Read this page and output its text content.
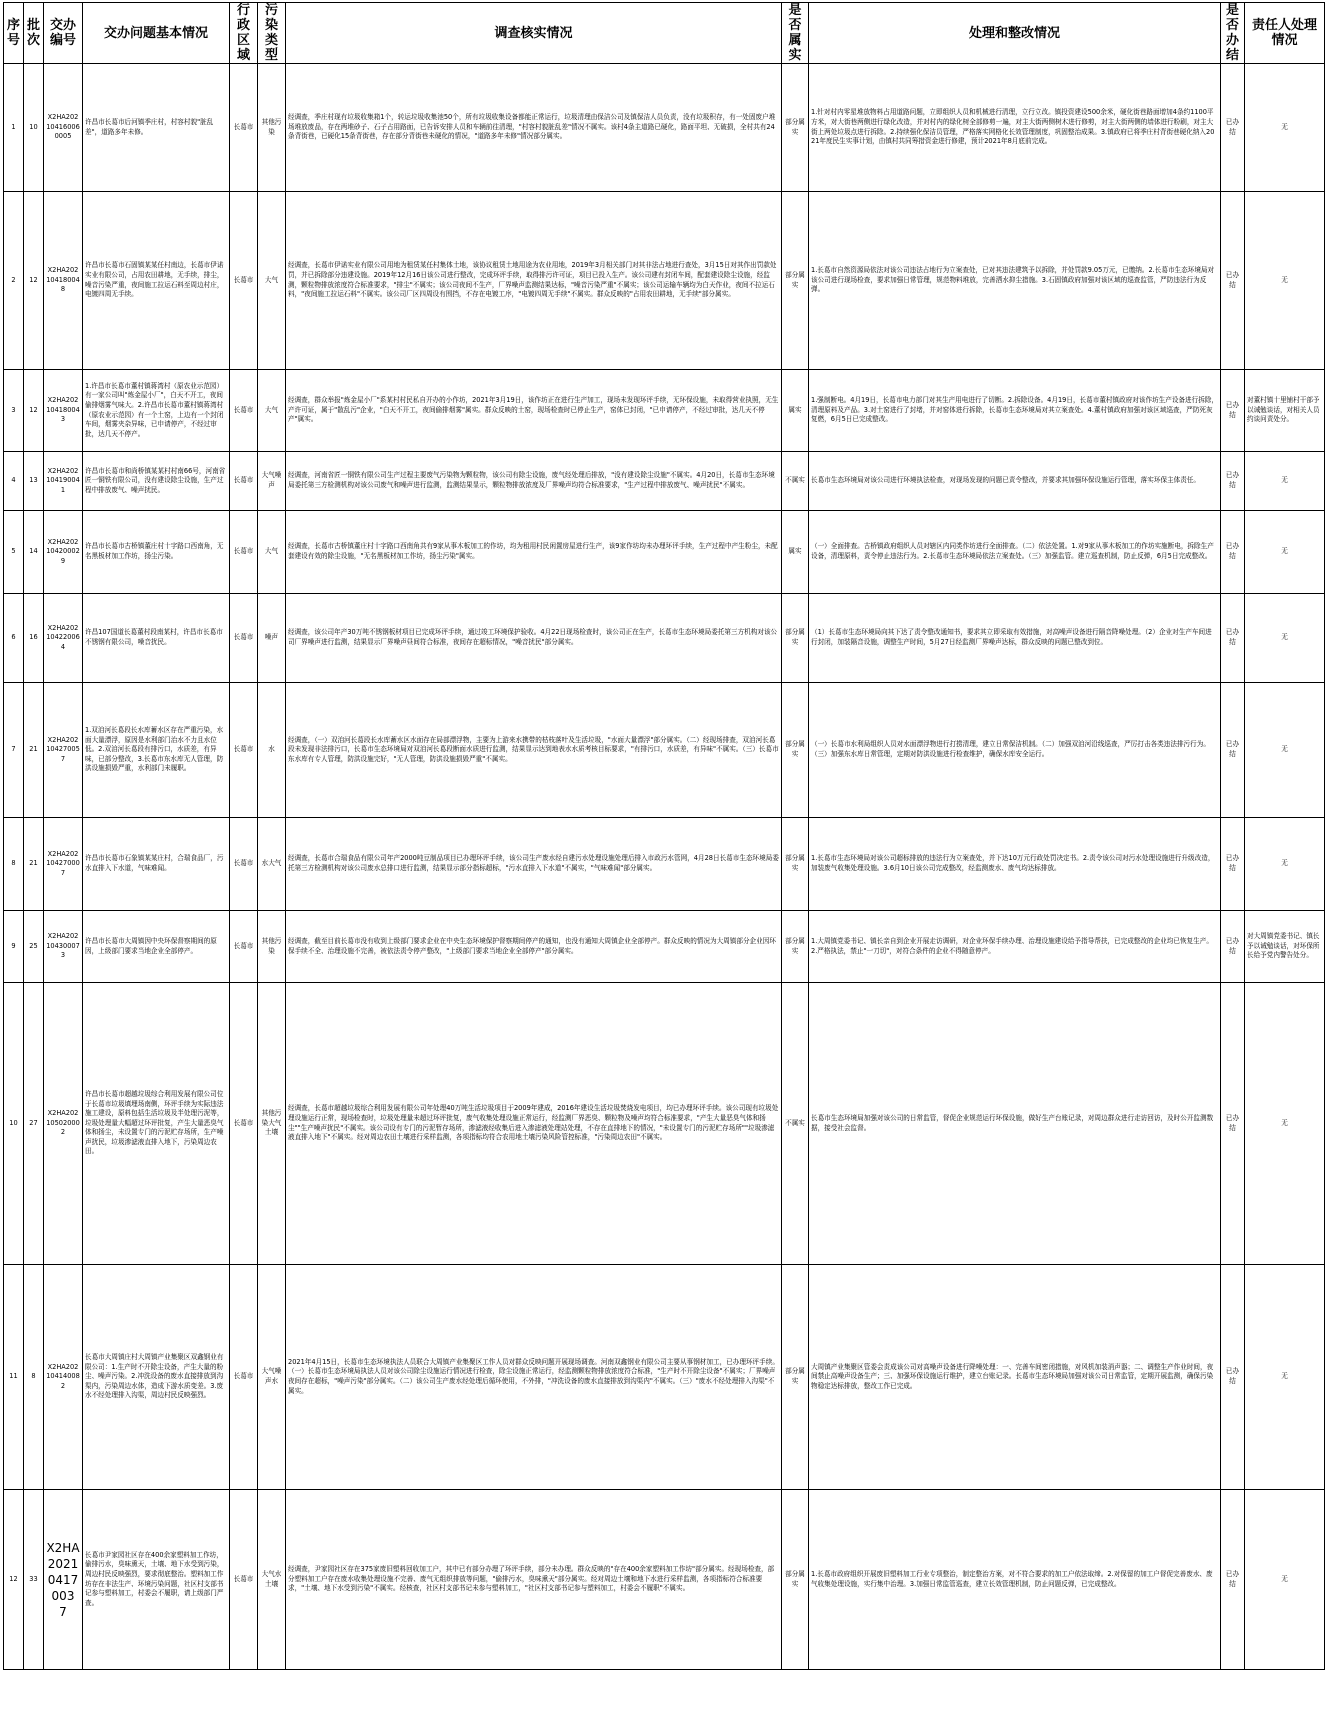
序号	批次	交办编号	交办问题基本情况	行政区域	污染类型	调查核实情况	是否属实	处理和整改情况	是否办结	责任人处理情况
1	10	X2HA20210416006 0005	许昌市长葛市后河镇季庄村，村容村貌"脏乱差"，道路多年未修。	长葛市	其他污染	经调查，季庄村现有垃圾收集箱1个，转运垃圾收集池50个，所有垃圾收集设备都能正常运行，垃圾清理由保洁公司及镇保洁人员负责，没有垃圾积存，有一处固废户堆场堆放废品，存在两堆砂子、石子占用路面，已告诉安排人员和车辆前往清理，"村容村貌脏乱差"情况不属实。该村4条主道路已硬化，路面平坦、无破损，全村共有24条背街巷，已硬化15条背街巷，存在部分背街巷未硬化的情况，"道路多年未修"情况部分属实。	部分属实	1.针对村内零星堆放物料占用道路问题，立即组织人员和机械进行清理，立行立改。镇投资建设500余米，硬化街巷路面增加4条约1100平方米，对大街巷两侧进行绿化改造，并对村内的绿化树全部修剪一遍，对主大街两侧树木进行修剪，对主大街两侧的墙体进行粉刷，对主大街上两处垃圾点进行拆除。2.持续强化保洁员管理，严格落实网格化长效管理制度，巩固整治成果。3.镇政府已将季庄村背街巷硬化纳入2021年度民生实事计划，由镇村共同筹措资金进行修建，预计2021年8月底前完成。	已办结	无
2	12	X2HA20210418004 8	许昌市长葛市石固镇某某任村南边，长葛市伊诺实业有限公司，占用农田耕地，无手续，排尘，噪音污染严重，夜间施工拉运石料至周边村庄，电镀四周无手续。	长葛市	大气	经调查，长葛市伊诺实业有限公司用地为租赁某任村集体土地，该协议租赁土地用途为农业用地，2019年3月相关部门对其非法占地进行查处，3月15日对其作出罚款处罚，并已拆除部分违建设施。2019年12月16日该公司进行整改，完成环评手续，取得排污许可证，项目已投入生产。该公司建有封闭车间，配套建设除尘设施，经监测，颗粒物排放浓度符合标准要求，"排尘"不属实；该公司夜间不生产，厂界噪声监测结果达标，"噪音污染严重"不属实；该公司运输车辆均为白天作业，夜间不拉运石料，"夜间施工拉运石料"不属实。该公司厂区四周设有围挡，不存在电镀工序，"电镀四周无手续"不属实。群众反映的"占用农田耕地，无手续"部分属实。	部分属实	1.长葛市自然资源局依法对该公司违法占地行为立案查处，已对其违法建筑予以拆除，并处罚款9.05万元，已缴纳。2.长葛市生态环境局对该公司进行现场检查，要求加强日常管理，规范物料堆放，完善洒水抑尘措施。3.石固镇政府加强对该区域的巡查监管，严防违法行为反弹。	已办结	无
3	12	X2HA20210418004 3	1.许昌市长葛市董村镇蒋湾村（原农业示范园）有一家公司叫"炼金屋小厂"，白天不开工，夜间偷排烟雾气味大。2.许昌市长葛市董村镇蒋湾村（原农业示范园）有一个土窑，上边有一个封闭车间，烟雾夹杂异味，已申请停产，不经过审批，达几天不停产。	长葛市	大气	经调查，群众举报"炼金屋小厂"系某村村民私自开办的小作坊，2021年3月19日，该作坊正在进行生产加工，现场未发现环评手续，无环保设施，未取得营业执照，无生产许可证，属于"散乱污"企业，"白天不开工，夜间偷排烟雾"属实。群众反映的土窑，现场检查时已停止生产，窑体已封闭，"已申请停产，不经过审批，达几天不停产"属实。	属实	1.强制断电。4月19日，长葛市电力部门对其生产用电进行了切断。2.拆除设备。4月19日，长葛市董村镇政府对该作坊生产设备进行拆除，清理原料及产品。3.对土窑进行了封堵，并对窑体进行拆除，长葛市生态环境局对其立案查处。4.董村镇政府加强对该区域巡查，严防死灰复燃，6月5日已完成整改。	已办结	对董村镇十里铺村干部予以诫勉谈话，对相关人员约谈问责处分。
4	13	X2HA20210419004 1	许昌市长葛市和尚桥镇某某村村南66号，河南省匠一铜铁有限公司，没有建设除尘设施，生产过程中排放废气、噪声扰民。	长葛市	大气噪声	经调查，河南省匠一铜铁有限公司生产过程主要废气污染物为颗粒物，该公司有除尘设施，废气经处理后排放，"没有建设除尘设施"不属实。4月20日，长葛市生态环境局委托第三方检测机构对该公司废气和噪声进行监测，监测结果显示，颗粒物排放浓度及厂界噪声均符合标准要求，"生产过程中排放废气、噪声扰民"不属实。	不属实	长葛市生态环境局对该公司进行环境执法检查，对现场发现的问题已责令整改，并要求其加强环保设施运行管理，落实环保主体责任。	已办结	无
5	14	X2HA20210420002 9	许昌市长葛市古桥镇董庄村十字路口西南角，无名黑板材加工作坊，扬尘污染。	长葛市	大气	经调查，长葛市古桥镇董庄村十字路口西南角共有9家从事木板加工的作坊，均为租用村民闲置房屋进行生产，该9家作坊均未办理环评手续，生产过程中产生粉尘，未配套建设有效的除尘设施，"无名黑板材加工作坊，扬尘污染"属实。	属实	（一）全面排查。古桥镇政府组织人员对辖区内同类作坊进行全面排查。（二）依法处置。1.对9家从事木板加工的作坊实施断电，拆除生产设备，清理原料，责令停止违法行为。2.长葛市生态环境局依法立案查处。（三）加强监管。建立巡查机制，防止反弹，6月5日完成整改。	已办结	无
6	16	X2HA20210422006 4	许昌107国道长葛董村段南某村，许昌市长葛市不锈钢有限公司，噪音扰民。	长葛市	噪声	经调查，该公司年产30万吨不锈钢板材项目已完成环评手续，通过竣工环境保护验收。4月22日现场检查时，该公司正在生产，长葛市生态环境局委托第三方机构对该公司厂界噪声进行监测，结果显示厂界噪声昼间符合标准，夜间存在超标情况，"噪音扰民"部分属实。	部分属实	（1）长葛市生态环境局向其下达了责令整改通知书，要求其立即采取有效措施，对高噪声设备进行隔音降噪处理。（2）企业对生产车间进行封闭，加装隔音设施，调整生产时间，5月27日经监测厂界噪声达标，群众反映的问题已整改到位。	已办结	无
7	21	X2HA20210427005 7	1.双洎河长葛段长水库蓄水区存在严重污染，水面大量漂浮，原因是水利部门治水不力且水位低。2.双洎河长葛段有排污口，水质差，有异味，已部分整改，3.长葛市东水库无人管理，防洪设施损毁严重，水利部门未履职。	长葛市	水	经调查，（一）双洎河长葛段长水库蓄水区水面存在局部漂浮物，主要为上游来水携带的枯枝落叶及生活垃圾，"水面大量漂浮"部分属实。（二）经现场排查，双洎河长葛段未发现非法排污口，长葛市生态环境局对双洎河长葛段断面水质进行监测，结果显示达到地表水水质考核目标要求，"有排污口，水质差，有异味"不属实。（三）长葛市东水库有专人管理，防洪设施完好，"无人管理，防洪设施损毁严重"不属实。	部分属实	（一）长葛市水利局组织人员对水面漂浮物进行打捞清理，建立日常保洁机制。（二）加强双洎河沿线巡查，严厉打击各类违法排污行为。（三）加强东水库日常管理，定期对防洪设施进行检查维护，确保水库安全运行。	已办结	无
8	21	X2HA20210427000 7	许昌市长葛市石象镇某某庄村，合瑞食品厂，污水直排入下水道，气味难闻。	长葛市	水大气	经调查，长葛市合瑞食品有限公司年产2000吨豆制品项目已办理环评手续，该公司生产废水经自建污水处理设施处理后排入市政污水管网，4月28日长葛市生态环境局委托第三方检测机构对该公司废水总排口进行监测，结果显示部分指标超标，"污水直排入下水道"不属实，"气味难闻"部分属实。	部分属实	1.长葛市生态环境局对该公司超标排放的违法行为立案查处，并下达10万元行政处罚决定书。2.责令该公司对污水处理设施进行升级改造，加装废气收集处理设施。3.6月10日该公司完成整改，经监测废水、废气均达标排放。	已办结	无
9	25	X2HA20210430007 3	许昌市长葛市大周镇因中央环保督察期间的原因，上级部门要求当地企业全部停产。	长葛市	其他污染	经调查，截至目前长葛市没有收到上级部门要求企业在中央生态环境保护督察期间停产的通知，也没有通知大周镇企业全部停产。群众反映的情况为大周镇部分企业因环保手续不全、治理设施不完善，被依法责令停产整改，"上级部门要求当地企业全部停产"部分属实。	部分属实	1.大周镇党委书记、镇长亲自到企业开展走访调研，对企业环保手续办理、治理设施建设给予指导帮扶，已完成整改的企业均已恢复生产。2.严格执法，禁止"一刀切"，对符合条件的企业不得随意停产。	已办结	对大周镇党委书记、镇长予以诫勉谈话，对环保所长给予党内警告处分。
10	27	X2HA20210502000 2	许昌市长葛市超越垃圾综合利用发展有限公司位于长葛市垃圾填埋场南侧，环评手续为实际违法施工建设，原料包括生活垃圾及半处理污泥等，垃圾处理量大幅超过环评批复，产生大量恶臭气体和扬尘，未设置专门的污泥贮存场所，生产噪声扰民，垃圾渗滤液直排入地下，污染周边农田。	长葛市	其他污染大气土壤	经调查，长葛市超越垃圾综合利用发展有限公司年处理40万吨生活垃圾项目于2009年建成，2016年建设生活垃圾焚烧发电项目，均已办理环评手续。该公司现有垃圾处理设施运行正常，现场检查时，垃圾处理量未超过环评批复，废气收集处理设施正常运行，经监测厂界恶臭、颗粒物及噪声均符合标准要求，"产生大量恶臭气体和扬尘""生产噪声扰民"不属实。该公司设有专门的污泥暂存场所，渗滤液经收集后进入渗滤液处理站处理，不存在直排地下的情况，"未设置专门的污泥贮存场所""垃圾渗滤液直排入地下"不属实。经对周边农田土壤进行采样监测，各项指标均符合农用地土壤污染风险管控标准，"污染周边农田"不属实。	不属实	长葛市生态环境局加强对该公司的日常监管，督促企业规范运行环保设施，做好生产台账记录，对周边群众进行走访回访，及时公开监测数据，接受社会监督。	已办结	无
11	8	X2HA20210414008 2	长葛市大周镇庄村大周镇产业集聚区双鑫钢业有限公司：1.生产时不开除尘设备，产生大量的粉尘、噪声污染。2.冲洗设备的废水直接排放到沟渠内，污染周边水体，造成下游水质变差。3.废水不经处理排入沟渠，周边村民反映强烈。	长葛市	大气噪声水	2021年4月15日，长葛市生态环境执法人员联合大周镇产业集聚区工作人员对群众反映问题开展现场调查。河南双鑫钢业有限公司主要从事钢材加工，已办理环评手续。（一）长葛市生态环境局执法人员对该公司除尘设施运行情况进行检查，除尘设施正常运行，经监测颗粒物排放浓度符合标准，"生产时不开除尘设备"不属实；厂界噪声夜间存在超标，"噪声污染"部分属实。（二）该公司生产废水经处理后循环使用，不外排，"冲洗设备的废水直接排放到沟渠内"不属实。（三）"废水不经处理排入沟渠"不属实。	部分属实	大周镇产业集聚区管委会责成该公司对高噪声设备进行降噪处理：一、完善车间密闭措施，对风机加装消声器；二、调整生产作业时间，夜间禁止高噪声设备生产；三、加强环保设施运行维护，建立台账记录。长葛市生态环境局加强对该公司日常监管，定期开展监测，确保污染物稳定达标排放，整改工作已完成。	已办结	无
12	33	X2HA20210417003 7	长葛市尹家园社区存在400余家塑料加工作坊，偷排污水，臭味熏天，土壤、地下水受到污染，周边村民反映强烈，要求彻底整治。塑料加工作坊存在非法生产、环境污染问题，社区村支部书记参与塑料加工，村委会不履职，请上级部门严查。	长葛市	大气水土壤	经调查，尹家园社区存在375家废旧塑料回收加工户，其中已有部分办理了环评手续，部分未办理。群众反映的"存在400余家塑料加工作坊"部分属实。经现场检查，部分塑料加工户存在废水收集处理设施不完善、废气无组织排放等问题，"偷排污水，臭味熏天"部分属实。经对周边土壤和地下水进行采样监测，各项指标符合标准要求，"土壤、地下水受到污染"不属实。经核查，社区村支部书记未参与塑料加工，"社区村支部书记参与塑料加工，村委会不履职"不属实。	部分属实	1.长葛市政府组织开展废旧塑料加工行业专项整治，制定整治方案，对不符合要求的加工户依法取缔。2.对保留的加工户督促完善废水、废气收集处理设施，实行集中治理。3.加强日常监管巡查，建立长效管理机制，防止问题反弹，已完成整改。	已办结	无
